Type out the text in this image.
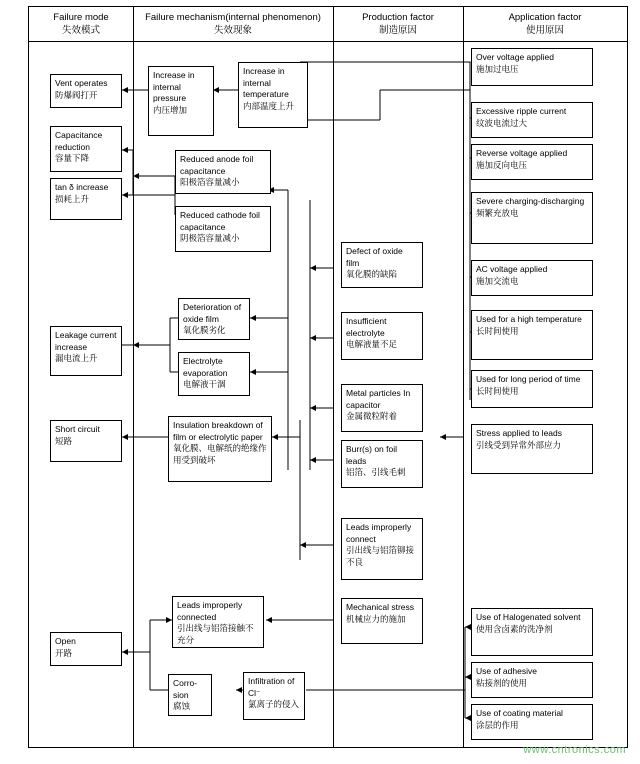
Failure mode
失效模式
Failure mechanism(internal phenomenon)
失效现象
Production factor
制造原因
Application factor
使用原因
Vent operates
防爆阀打开
Capacitance reduction
容量下降
tan δ increase
损耗上升
Leakage current increase
漏电流上升
Short circuit
短路
Open
开路
Increase in internal pressure
内压增加
Increase in internal temperature
内部温度上升
Reduced anode foil capacitance
阳极箔容量减小
Reduced cathode foil capacitance
阴极箔容量减小
Deterioration of oxide film
氧化膜劣化
Electrolyte evaporation
电解液干涸
Insulation breakdown of film or electrolytic paper
氧化膜、电解纸的绝缘作用受到破坏
Leads improperly connected
引出线与铝箔接触不充分
Corro-sion
腐蚀
Infiltration of Cl⁻
氯离子的侵入
Defect of oxide film
氧化膜的缺陷
Insufficient electrolyte
电解液量不足
Metal particles In capacitor
金属微粒附着
Burr(s) on foil leads
铝箔、引线毛刺
Leads improperly connect
引出线与铝箔铆接不良
Mechanical stress
机械应力的施加
Over voltage applied
施加过电压
Excessive ripple current
纹波电流过大
Reverse voltage applied
施加反向电压
Severe charging-discharging
频繁充放电
AC voltage applied
施加交流电
Used for a high temperature
长时间使用
Used for long period of time
长时间使用
Stress applied to leads
引线受到异常外部应力
Use of Halogenated solvent
使用含卤素的洗净剂
Use of adhesive
粘接剂的使用
Use of coating material
涂层的作用
www.cntronics.com
